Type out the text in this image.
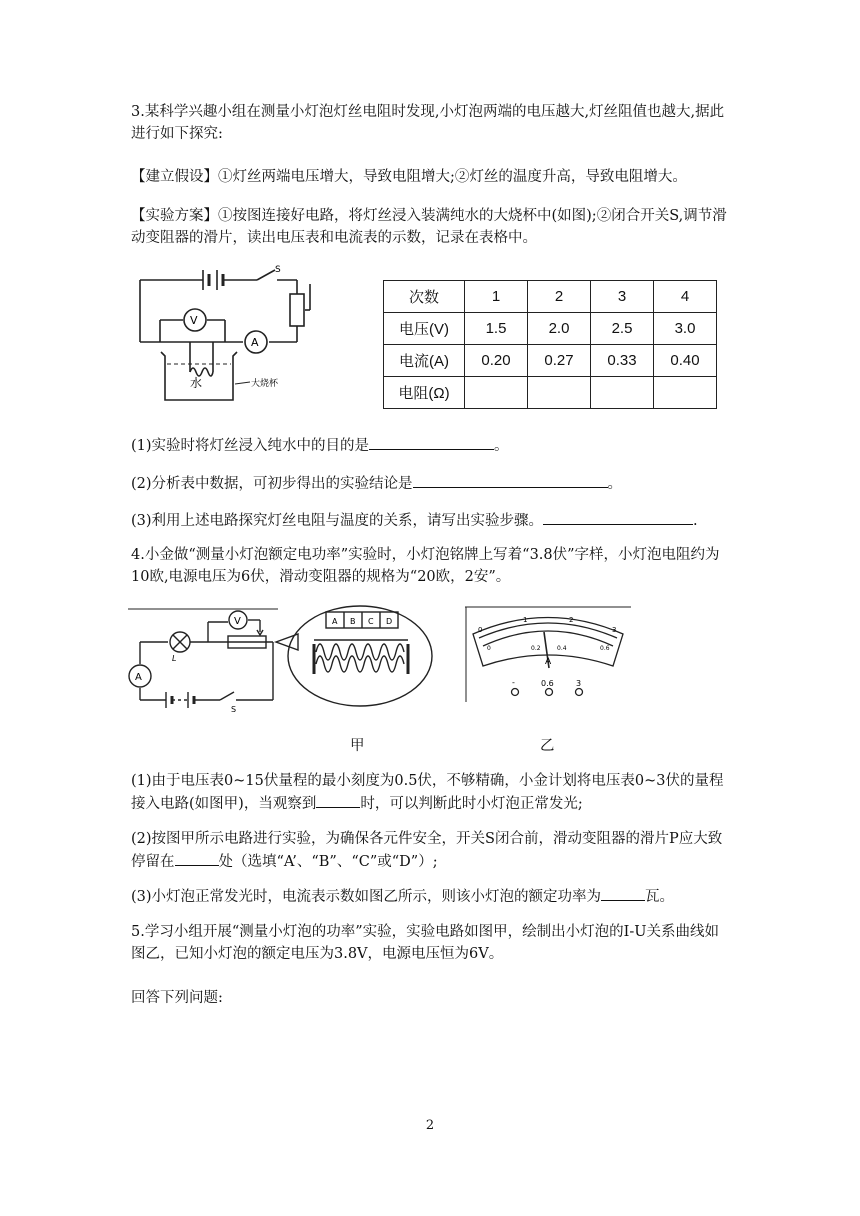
3.某科学兴趣小组在测量小灯泡灯丝电阻时发现,小灯泡两端的电压越大,灯丝阻值也越大,据此进行如下探究:

【建立假设】①灯丝两端电压增大，导致电阻增大;②灯丝的温度升高，导致电阻增大。

【实验方案】①按图连接好电路，将灯丝浸入装满纯水的大烧杯中(如图);②闭合开关S,调节滑动变阻器的滑片，读出电压表和电流表的示数，记录在表格中。

S
V
A
水	大烧杯
次数	1	2	3	4
电压(V)	1.5	2.0	2.5	3.0
电流(A)	0.20	0.27	0.33	0.40
电阻(Ω)				

(1)实验时将灯丝浸入纯水中的目的是	。

(2)分析表中数据，可初步得出的实验结论是	。

(3)利用上述电路探究灯丝电阻与温度的关系，请写出实验步骤。	.

4.小金做“测量小灯泡额定电功率”实验时，小灯泡铭牌上写着“3.8伏”字样，小灯泡电阻约为10欧,电源电压为6伏，滑动变阻器的规格为“20欧，2安”。

A
V
L
S
A B C D
0
1	2
3
0	0.2	0.4	0.6
A
-	0.6	3
甲	乙

(1)由于电压表0~15伏量程的最小刻度为0.5伏，不够精确，小金计划将电压表0~3伏的量程接入电路(如图甲)，当观察到	时，可以判断此时小灯泡正常发光;

(2)按图甲所示电路进行实验，为确保各元件安全，开关S闭合前，滑动变阻器的滑片P应大致停留在	处（选填“A’、“B”、“C”或“D”）;

(3)小灯泡正常发光时，电流表示数如图乙所示，则该小灯泡的额定功率为	瓦。

5.学习小组开展“测量小灯泡的功率”实验，实验电路如图甲，绘制出小灯泡的I-U关系曲线如图乙，已知小灯泡的额定电压为3.8V，电源电压恒为6V。

回答下列问题:

2
